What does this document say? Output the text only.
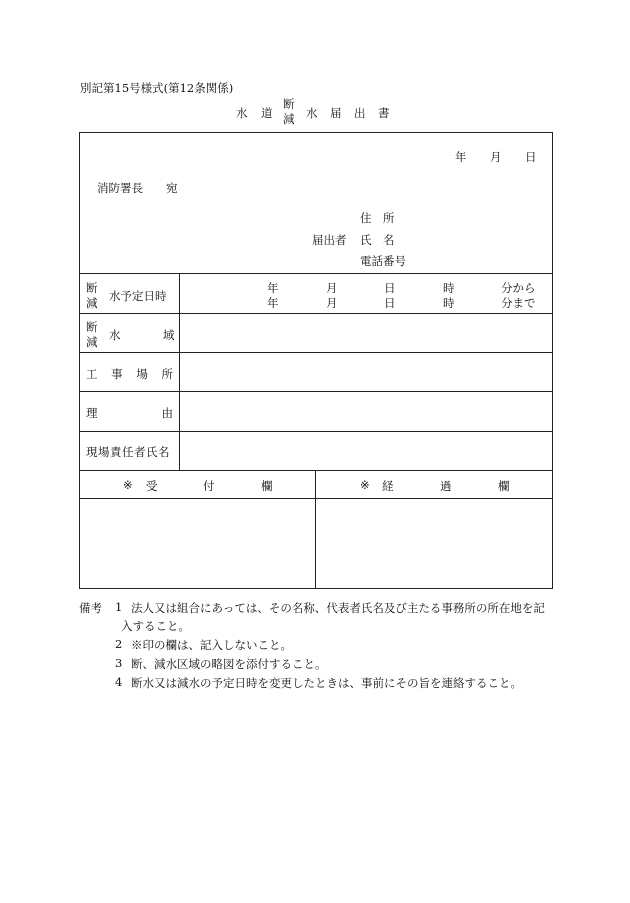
別記第15号様式(第12条関係)
水 道
断
減 水 届 出 書
年 月 日
消防署長 宛
届出者
住　所
氏　名
電話番号
断
減 水予定日時
年	月	日	時	分から
年	月	日	時	分まで
断
減 水	域
工 事 場 所
理	由
現場責任者氏名
※ 受	付	欄	※ 経	過	欄
備考 1 法人又は組合にあっては、その名称、代表者氏名及び主たる事務所の所在地を記
入すること。
2 ※印の欄は、記入しないこと。
3 断、減水区域の略図を添付すること。
4 断水又は減水の予定日時を変更したときは、事前にその旨を連絡すること。
